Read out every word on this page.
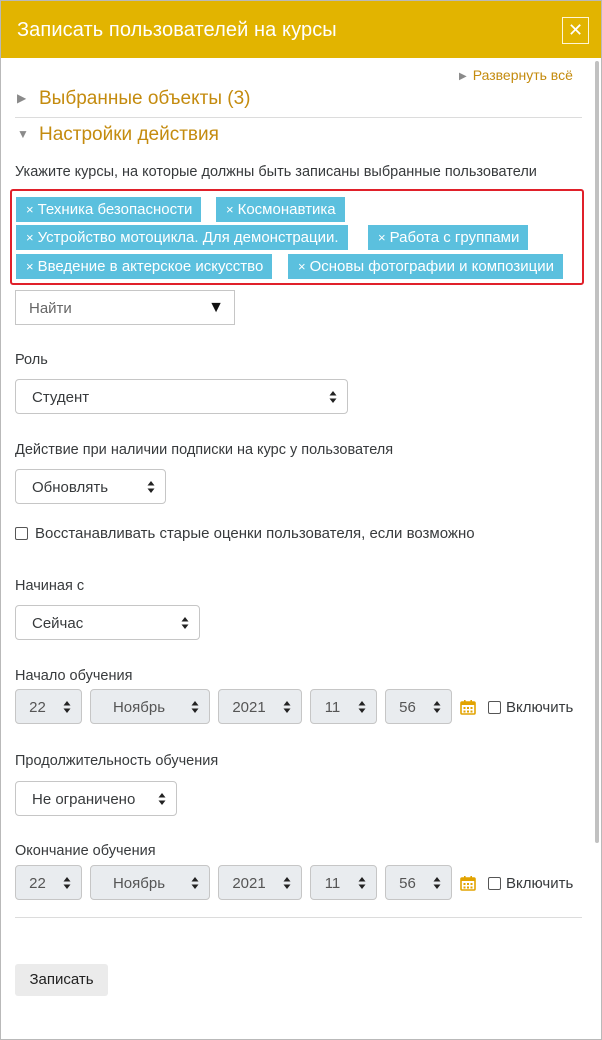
Записать пользователей на курсы	✕
▶ Развернуть всё
▶ Выбранные объекты (3)
▼ Настройки действия
Укажите курсы, на которые должны быть записаны выбранные пользователи
× Техника безопасности	× Космонавтика
× Устройство мотоцикла. Для демонстрации.	× Работа с группами
× Введение в актерское искусство	× Основы фотографии и композиции
Найти	▼
Роль
Студент
Действие при наличии подписки на курс у пользователя
Обновлять
Восстанавливать старые оценки пользователя, если возможно
Начиная с
Сейчас
Начало обучения
22	Ноябрь	2021	11	56	Включить
Продолжительность обучения
Не ограничено
Окончание обучения
22	Ноябрь	2021	11	56	Включить
Записать
